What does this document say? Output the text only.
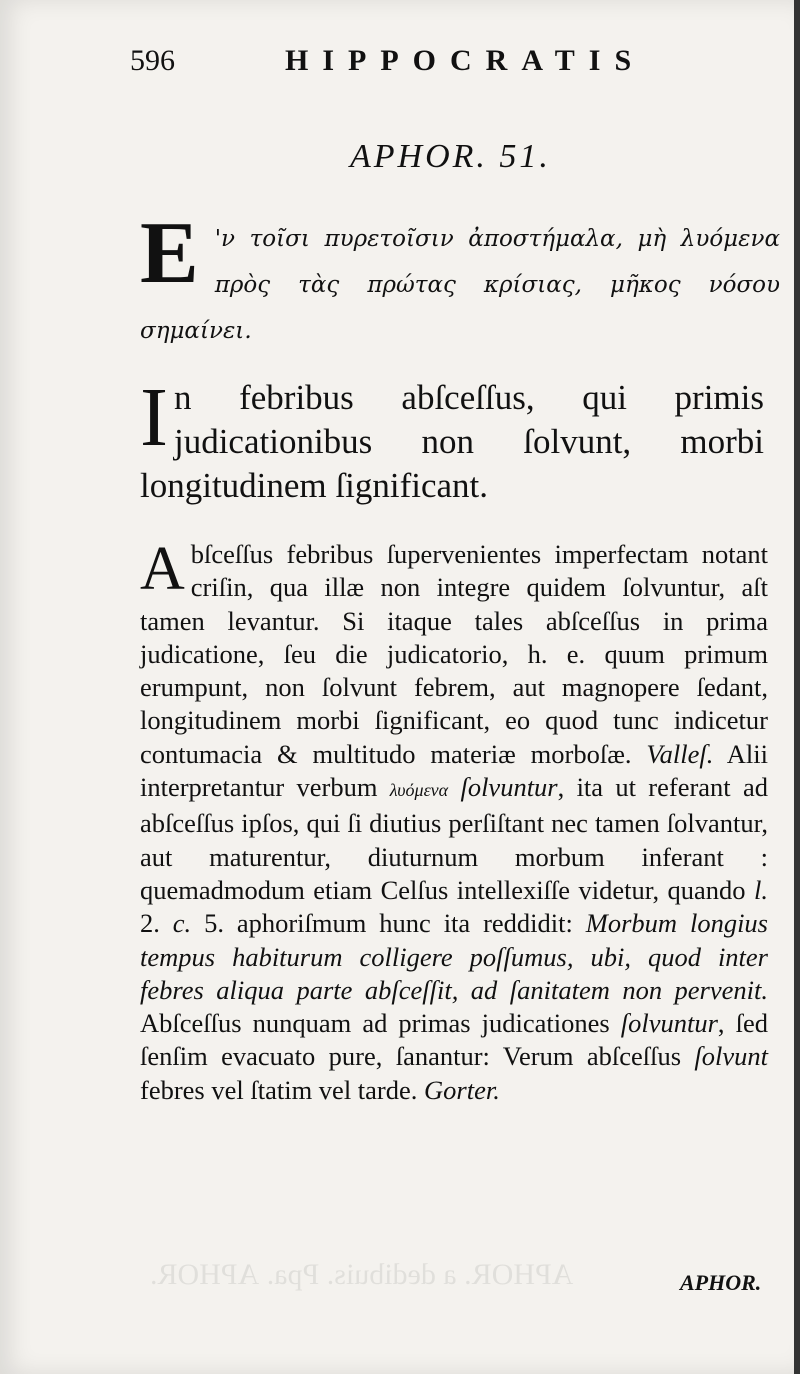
ΑΡΗΟR. a dedibuis. Ppa. ΑΡΗΟR.
596	HIPPOCRATIS
APHOR. 51.
E 'ν τοῖσι πυρετοῖσιν ἀποστήμαλα, μὴ λυόμενα πρὸς τὰς πρώτας κρίσιας, μῆκος νόσου σημαίνει.
I n febribus abſceſſus, qui primis judicationibus non ſolvunt, morbi longitudinem ſignificant.
Abſceſſus febribus ſupervenientes imperfectam notant criſin, qua illæ non integre quidem ſolvuntur, aſt tamen levantur. Si itaque tales abſceſſus in prima judicatione, ſeu die judicatorio, h. e. quum primum erumpunt, non ſolvunt febrem, aut magnopere ſedant, longitudinem morbi ſignificant, eo quod tunc indicetur contumacia & multitudo materiæ morboſæ. Valleſ. Alii interpretantur verbum λυόμενα ſolvuntur, ita ut referant ad abſceſſus ipſos, qui ſi diutius perſiſtant nec tamen ſolvantur, aut maturentur, diuturnum morbum inferant : quemadmodum etiam Celſus intellexiſſe videtur, quando l. 2. c. 5. aphoriſmum hunc ita reddidit: Morbum longius tempus habiturum colligere poſſumus, ubi, quod inter febres aliqua parte abſceſſit, ad ſanitatem non pervenit. Abſceſſus nunquam ad primas judicationes ſolvuntur, ſed ſenſim evacuato pure, ſanantur: Verum abſceſſus ſolvunt febres vel ſtatim vel tarde. Gorter.
APHOR.
